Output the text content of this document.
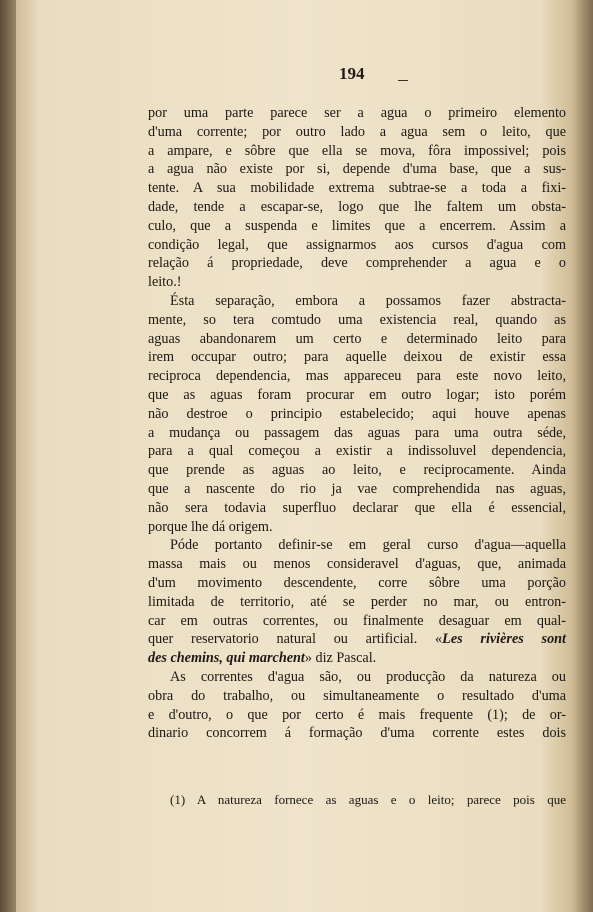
194
por uma parte parece ser a agua o primeiro elemento
d'uma corrente; por outro lado a agua sem o leito, que
a ampare, e sôbre que ella se mova, fôra impossivel; pois
a agua não existe por si, depende d'uma base, que a sus-
tente. A sua mobilidade extrema subtrae-se a toda a fixi-
dade, tende a escapar-se, logo que lhe faltem um obsta-
culo, que a suspenda e limites que a encerrem. Assim a
condição legal, que assignarmos aos cursos d'agua com
relação á propriedade, deve comprehender a agua e o
leito.!
Ésta separação, embora a possamos fazer abstracta-
mente, so tera comtudo uma existencia real, quando as
aguas abandonarem um certo e determinado leito para
irem occupar outro; para aquelle deixou de existir essa
reciproca dependencia, mas appareceu para este novo leito,
que as aguas foram procurar em outro logar; isto porém
não destroe o principio estabelecido; aqui houve apenas
a mudança ou passagem das aguas para uma outra séde,
para a qual começou a existir a indissoluvel dependencia,
que prende as aguas ao leito, e reciprocamente. Ainda
que a nascente do rio ja vae comprehendida nas aguas,
não sera todavia superfluo declarar que ella é essencial,
porque lhe dá origem.
Póde portanto definir-se em geral curso d'agua—aquella
massa mais ou menos consideravel d'aguas, que, animada
d'um movimento descendente, corre sôbre uma porção
limitada de territorio, até se perder no mar, ou entron-
car em outras correntes, ou finalmente desaguar em qual-
quer reservatorio natural ou artificial. «Les rivières sont
des chemins, qui marchent» diz Pascal.
As correntes d'agua são, ou producção da natureza ou
obra do trabalho, ou simultaneamente o resultado d'uma
e d'outro, o que por certo é mais frequente (1); de or-
dinario concorrem á formação d'uma corrente estes dois
(1) A natureza fornece as aguas e o leito; parece pois que
